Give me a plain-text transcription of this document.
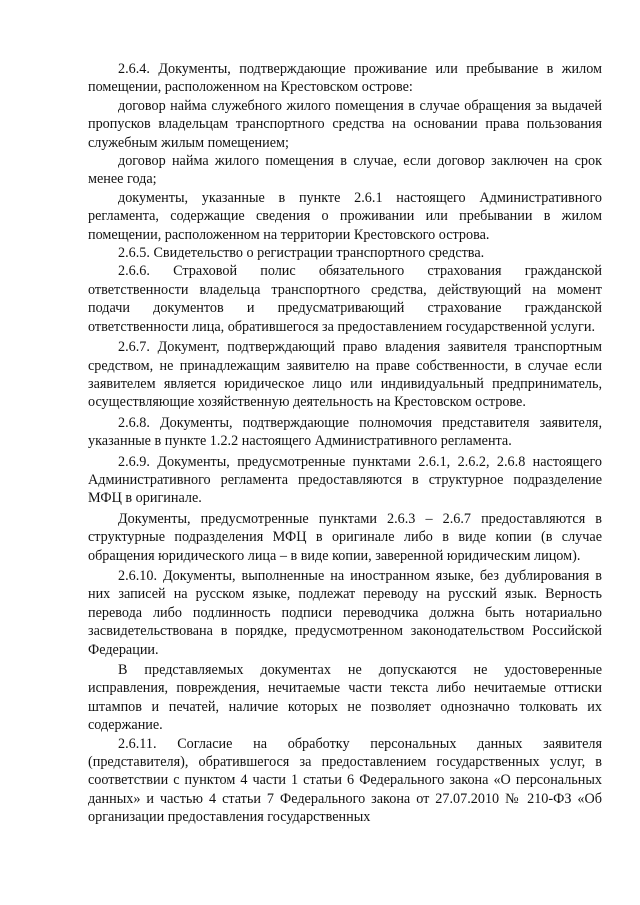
2.6.4. Документы, подтверждающие проживание или пребывание в жилом помещении, расположенном на Крестовском острове:

договор найма служебного жилого помещения в случае обращения за выдачей пропусков владельцам транспортного средства на основании права пользования служебным жилым помещением;

договор найма жилого помещения в случае, если договор заключен на срок менее года;

документы, указанные в пункте 2.6.1 настоящего Административного регламента, содержащие сведения о проживании или пребывании в жилом помещении, расположенном на территории Крестовского острова.

2.6.5. Свидетельство о регистрации транспортного средства.

2.6.6. Страховой полис обязательного страхования гражданской ответственности владельца транспортного средства, действующий на момент подачи документов и предусматривающий страхование гражданской ответственности лица, обратившегося за предоставлением государственной услуги.

2.6.7. Документ, подтверждающий право владения заявителя транспортным средством, не принадлежащим заявителю на праве собственности, в случае если заявителем является юридическое лицо или индивидуальный предприниматель, осуществляющие хозяйственную деятельность на Крестовском острове.

2.6.8. Документы, подтверждающие полномочия представителя заявителя, указанные в пункте 1.2.2 настоящего Административного регламента.

2.6.9. Документы, предусмотренные пунктами 2.6.1, 2.6.2, 2.6.8 настоящего Административного регламента предоставляются в структурное подразделение МФЦ в оригинале.

Документы, предусмотренные пунктами 2.6.3 – 2.6.7 предоставляются в структурные подразделения МФЦ в оригинале либо в виде копии (в случае обращения юридического лица – в виде копии, заверенной юридическим лицом).

2.6.10. Документы, выполненные на иностранном языке, без дублирования в них записей на русском языке, подлежат переводу на русский язык. Верность перевода либо подлинность подписи переводчика должна быть нотариально засвидетельствована в порядке, предусмотренном законодательством Российской Федерации.

В представляемых документах не допускаются не удостоверенные исправления, повреждения, нечитаемые части текста либо нечитаемые оттиски штампов и печатей, наличие которых не позволяет однозначно толковать их содержание.

2.6.11. Согласие на обработку персональных данных заявителя (представителя), обратившегося за предоставлением государственных услуг, в соответствии с пунктом 4 части 1 статьи 6 Федерального закона «О персональных данных» и частью 4 статьи 7 Федерального закона от 27.07.2010 № 210-ФЗ «Об организации предоставления государственных
